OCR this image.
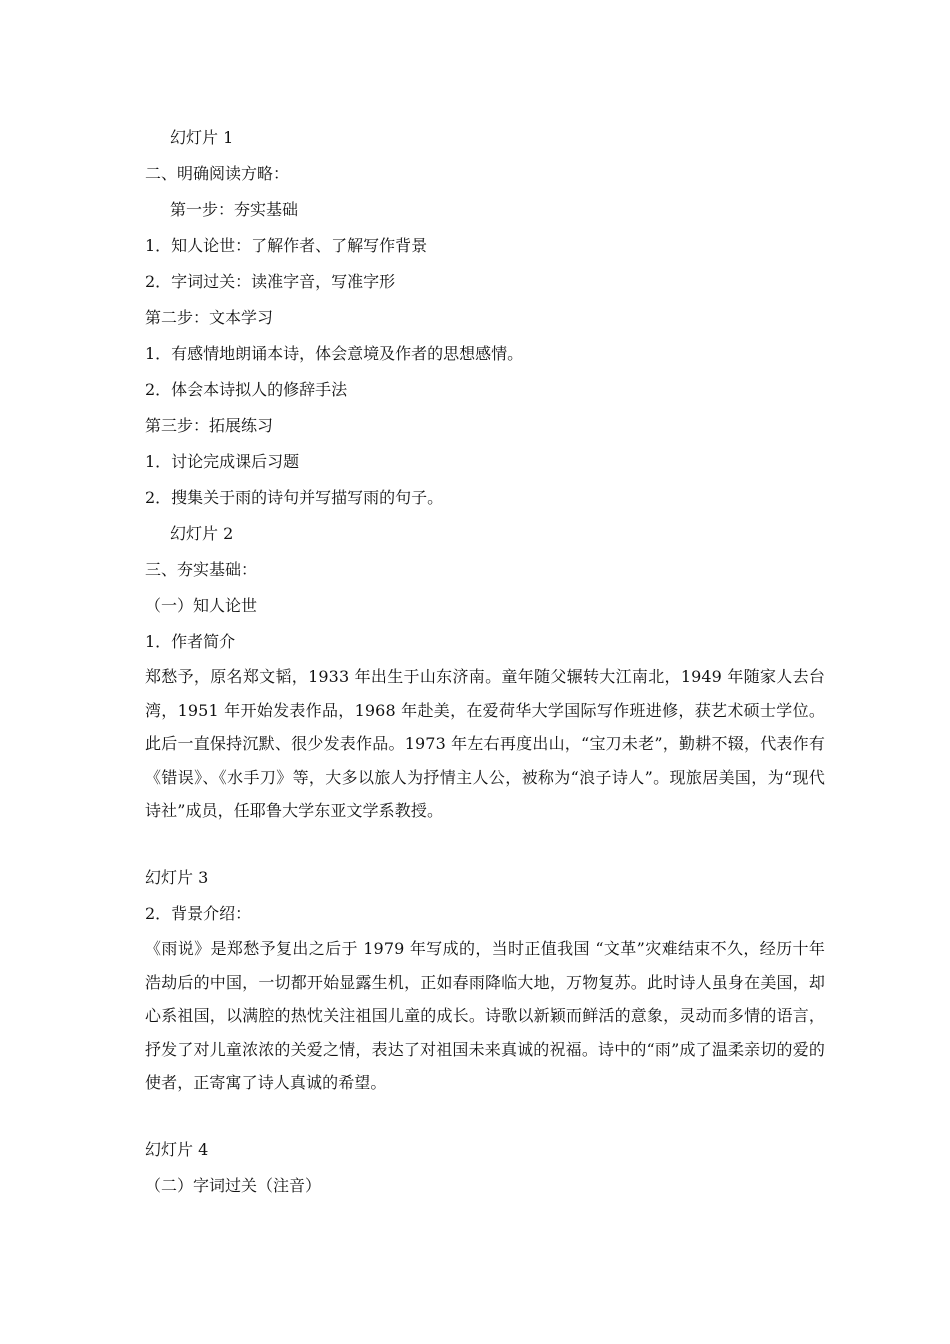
幻灯片 1
二、明确阅读方略：
第一步：夯实基础
1．知人论世：了解作者、了解写作背景
2．字词过关：读准字音，写准字形
第二步：文本学习
1．有感情地朗诵本诗，体会意境及作者的思想感情。
2．体会本诗拟人的修辞手法
第三步：拓展练习
1．讨论完成课后习题
2．搜集关于雨的诗句并写描写雨的句子。
幻灯片 2
三、夯实基础：
（一）知人论世
1．作者简介
郑愁予，原名郑文韬，1933 年出生于山东济南。童年随父辗转大江南北，1949 年随家人去台湾，1951 年开始发表作品，1968 年赴美，在爱荷华大学国际写作班进修，获艺术硕士学位。此后一直保持沉默、很少发表作品。1973 年左右再度出山，“宝刀未老”，勤耕不辍，代表作有《错误》、《水手刀》等，大多以旅人为抒情主人公，被称为“浪子诗人”。现旅居美国，为“现代诗社”成员，任耶鲁大学东亚文学系教授。
幻灯片 3
2．背景介绍：
《雨说》是郑愁予复出之后于 1979 年写成的，当时正值我国 “文革”灾难结束不久，经历十年浩劫后的中国，一切都开始显露生机，正如春雨降临大地，万物复苏。此时诗人虽身在美国，却心系祖国，以满腔的热忱关注祖国儿童的成长。诗歌以新颖而鲜活的意象，灵动而多情的语言，抒发了对儿童浓浓的关爱之情，表达了对祖国未来真诚的祝福。诗中的“雨”成了温柔亲切的爱的使者，正寄寓了诗人真诚的希望。
幻灯片 4
（二）字词过关（注音）
